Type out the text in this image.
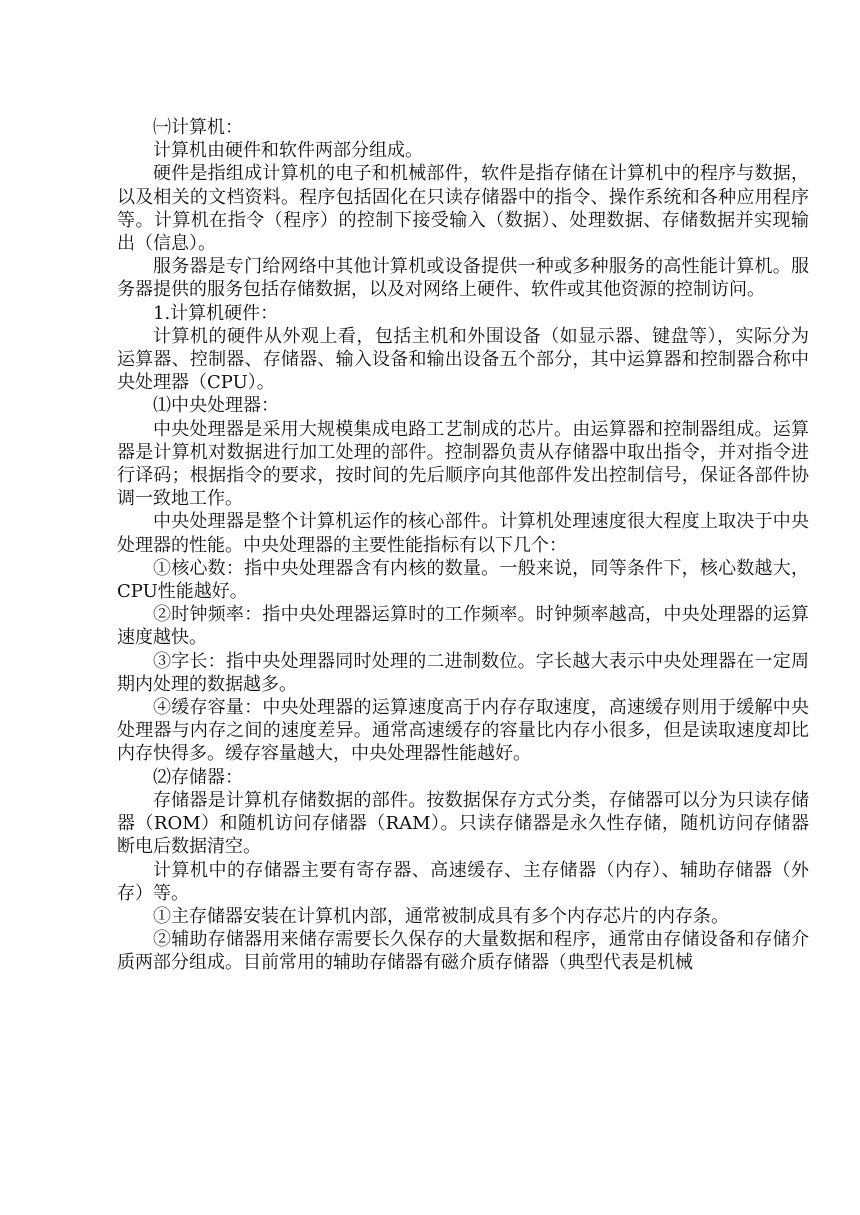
㈠计算机：

计算机由硬件和软件两部分组成。

硬件是指组成计算机的电子和机械部件，软件是指存储在计算机中的程序与数据，以及相关的文档资料。程序包括固化在只读存储器中的指令、操作系统和各种应用程序等。计算机在指令（程序）的控制下接受输入（数据）、处理数据、存储数据并实现输出（信息）。

服务器是专门给网络中其他计算机或设备提供一种或多种服务的高性能计算机。服务器提供的服务包括存储数据，以及对网络上硬件、软件或其他资源的控制访问。

1.计算机硬件：

计算机的硬件从外观上看，包括主机和外围设备（如显示器、键盘等），实际分为运算器、控制器、存储器、输入设备和输出设备五个部分，其中运算器和控制器合称中央处理器（CPU）。

⑴中央处理器：

中央处理器是采用大规模集成电路工艺制成的芯片。由运算器和控制器组成。运算器是计算机对数据进行加工处理的部件。控制器负责从存储器中取出指令，并对指令进行译码；根据指令的要求，按时间的先后顺序向其他部件发出控制信号，保证各部件协调一致地工作。

中央处理器是整个计算机运作的核心部件。计算机处理速度很大程度上取决于中央处理器的性能。中央处理器的主要性能指标有以下几个：

①核心数：指中央处理器含有内核的数量。一般来说，同等条件下，核心数越大，CPU性能越好。

②时钟频率：指中央处理器运算时的工作频率。时钟频率越高，中央处理器的运算速度越快。

③字长：指中央处理器同时处理的二进制数位。字长越大表示中央处理器在一定周期内处理的数据越多。

④缓存容量：中央处理器的运算速度高于内存存取速度，高速缓存则用于缓解中央处理器与内存之间的速度差异。通常高速缓存的容量比内存小很多，但是读取速度却比内存快得多。缓存容量越大，中央处理器性能越好。

⑵存储器：

存储器是计算机存储数据的部件。按数据保存方式分类，存储器可以分为只读存储器（ROM）和随机访问存储器（RAM）。只读存储器是永久性存储，随机访问存储器断电后数据清空。

计算机中的存储器主要有寄存器、高速缓存、主存储器（内存）、辅助存储器（外存）等。

①主存储器安装在计算机内部，通常被制成具有多个内存芯片的内存条。

②辅助存储器用来储存需要长久保存的大量数据和程序，通常由存储设备和存储介质两部分组成。目前常用的辅助存储器有磁介质存储器（典型代表是机械
